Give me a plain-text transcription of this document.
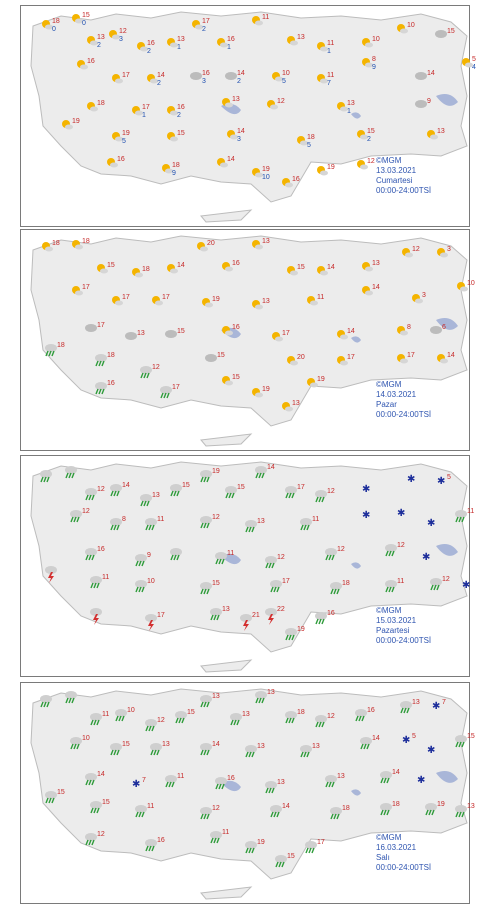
18
0
15
0
13
2
12
3
16
2
13
1
17
2
16
1
11
13
11
1
10
10
15
5
4
16
17	14
2
16
3
14
2
10
5
11
7
8
9
14
18
17
1
16
2
13	12	13
1
9
19
19
5
15	14
3	18
5
15
2
13
16
18
9
14
19
10	16
19
12 ©MGM
13.03.2021
Cumartesi
00:00-24:00TSİ
18	18
15
18
14
20
16
13
15	14
13
12	3
10
17
17	17	19	13
11
14
3
17
13	15
16
17	14
8	6
18
18
12
15	20	17	17	14
16
17
15
19
13
19
©MGM
14.03.2021
Pazar
00:00-24:00TSİ
12
14
13
15
19
15
14
17
12	✱
✱ ✱ 5
11
12
8	11	12
13	11	✱	✱
✱
16
9	11
12
12
12
✱
11
10	15	17	18	11	12
✱
17
13
21
22
19
16	©MGM
15.03.2021
Pazartesi
00:00-24:00TSİ
11
10
12
15
13
13
13
18
12
16
13 ✱ 7
15
10
15	13	14	13	13
14 ✱ 5
✱
14
✱ 7
11	16
13
13
14
✱
15
15
11	12	14	18
18	19	13
12
16
11
19
15
17
©MGM
16.03.2021
Salı
00:00-24:00TSİ
